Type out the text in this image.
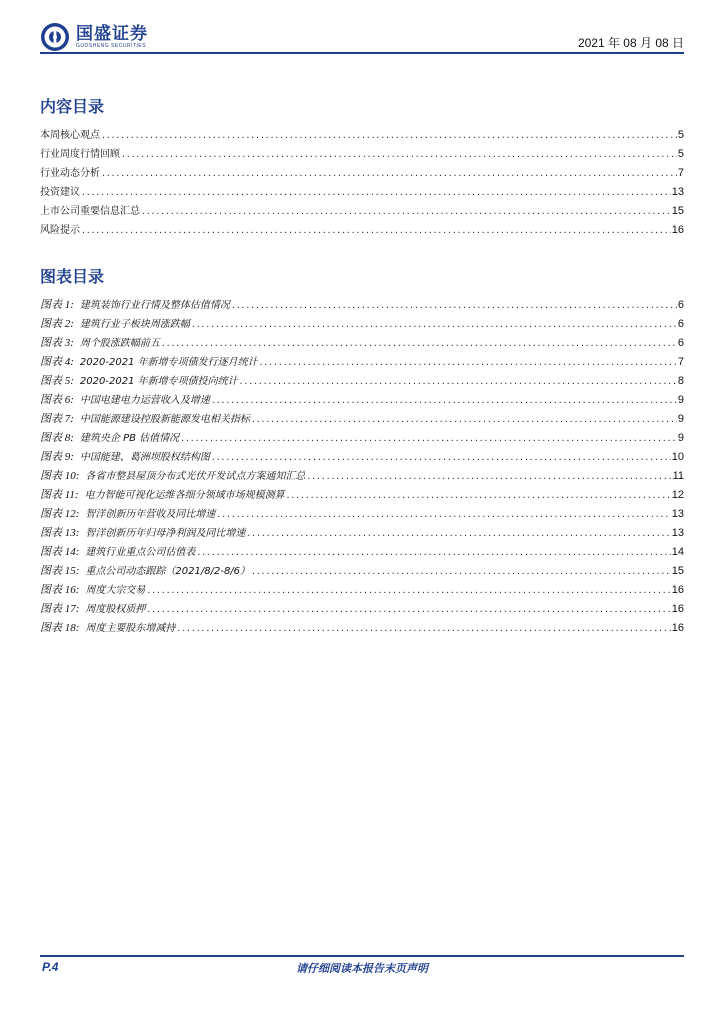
国盛证券
GUOSHENG SECURITIES	2021 年 08 月 08 日
内容目录
本周核心观点 .....	5
行业周度行情回顾 .....	5
行业动态分析 .....	7
投资建议 .....	13
上市公司重要信息汇总 .....	15
风险提示 .....	16
图表目录
图表 1: 建筑装饰行业行情及整体估值情况 .....	6
图表 2: 建筑行业子板块周涨跌幅 .....	6
图表 3: 周个股涨跌幅前五 .....	6
图表 4: 2020-2021 年新增专项债发行逐月统计 .....	7
图表 5: 2020-2021 年新增专项债投向统计 .....	8
图表 6: 中国电建电力运营收入及增速 .....	9
图表 7: 中国能源建设控股新能源发电相关指标 .....	9
图表 8: 建筑央企 PB 估值情况 .....	9
图表 9: 中国能建、葛洲坝股权结构图 .....	10
图表 10: 各省市整县屋顶分布式光伏开发试点方案通知汇总 .....	11
图表 11: 电力智能可视化运维各细分领域市场规模测算 .....	12
图表 12: 智洋创新历年营收及同比增速 .....	13
图表 13: 智洋创新历年归母净利润及同比增速 .....	13
图表 14: 建筑行业重点公司估值表 .....	14
图表 15: 重点公司动态跟踪（2021/8/2-8/6） .....	15
图表 16: 周度大宗交易 .....	16
图表 17: 周度股权质押 .....	16
图表 18: 周度主要股东增减持 .....	16
P.4	请仔细阅读本报告末页声明
